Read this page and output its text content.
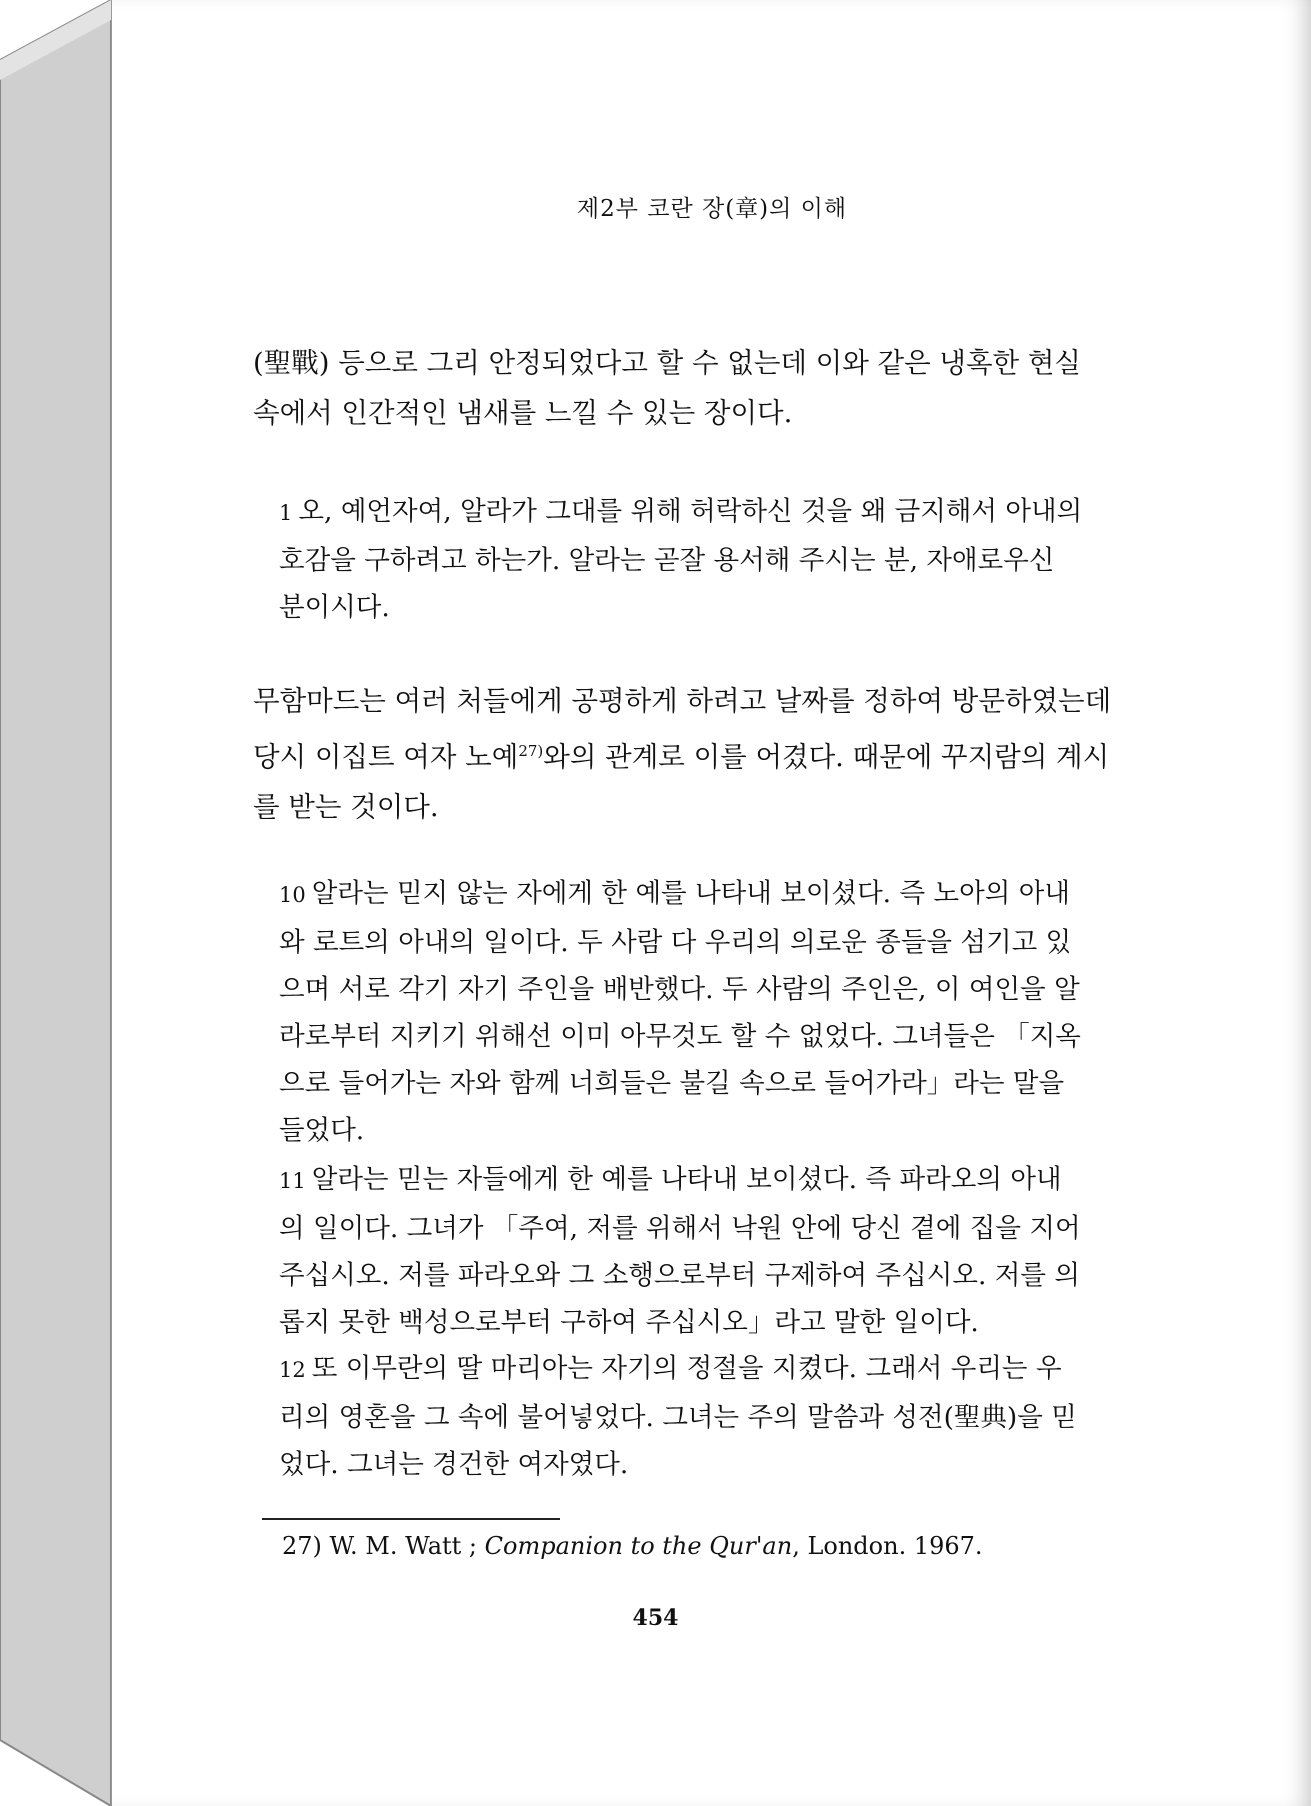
제2부 코란 장(章)의 이해
(聖戰) 등으로 그리 안정되었다고 할 수 없는데 이와 같은 냉혹한 현실 속에서 인간적인 냄새를 느낄 수 있는 장이다.
1 오, 예언자여, 알라가 그대를 위해 허락하신 것을 왜 금지해서 아내의 호감을 구하려고 하는가. 알라는 곧잘 용서해 주시는 분, 자애로우신 분이시다.
무함마드는 여러 처들에게 공평하게 하려고 날짜를 정하여 방문하였는데 당시 이집트 여자 노예$^{27)}$와의 관계로 이를 어겼다. 때문에 꾸지람의 계시를 받는 것이다.
10 알라는 믿지 않는 자에게 한 예를 나타내 보이셨다. 즉 노아의 아내와 로트의 아내의 일이다. 두 사람 다 우리의 의로운 종들을 섬기고 있으며 서로 각기 자기 주인을 배반했다. 두 사람의 주인은, 이 여인을 알라로부터 지키기 위해선 이미 아무것도 할 수 없었다. 그녀들은 「지옥으로 들어가는 자와 함께 너희들은 불길 속으로 들어가라」라는 말을 들었다.
11 알라는 믿는 자들에게 한 예를 나타내 보이셨다. 즉 파라오의 아내의 일이다. 그녀가 「주여, 저를 위해서 낙원 안에 당신 곁에 집을 지어 주십시오. 저를 파라오와 그 소행으로부터 구제하여 주십시오. 저를 의롭지 못한 백성으로부터 구하여 주십시오」라고 말한 일이다.
12 또 이무란의 딸 마리아는 자기의 정절을 지켰다. 그래서 우리는 우리의 영혼을 그 속에 불어넣었다. 그녀는 주의 말씀과 성전(聖典)을 믿었다. 그녀는 경건한 여자였다.
27) W. M. Watt ; Companion to the Qur'an, London. 1967.
454
